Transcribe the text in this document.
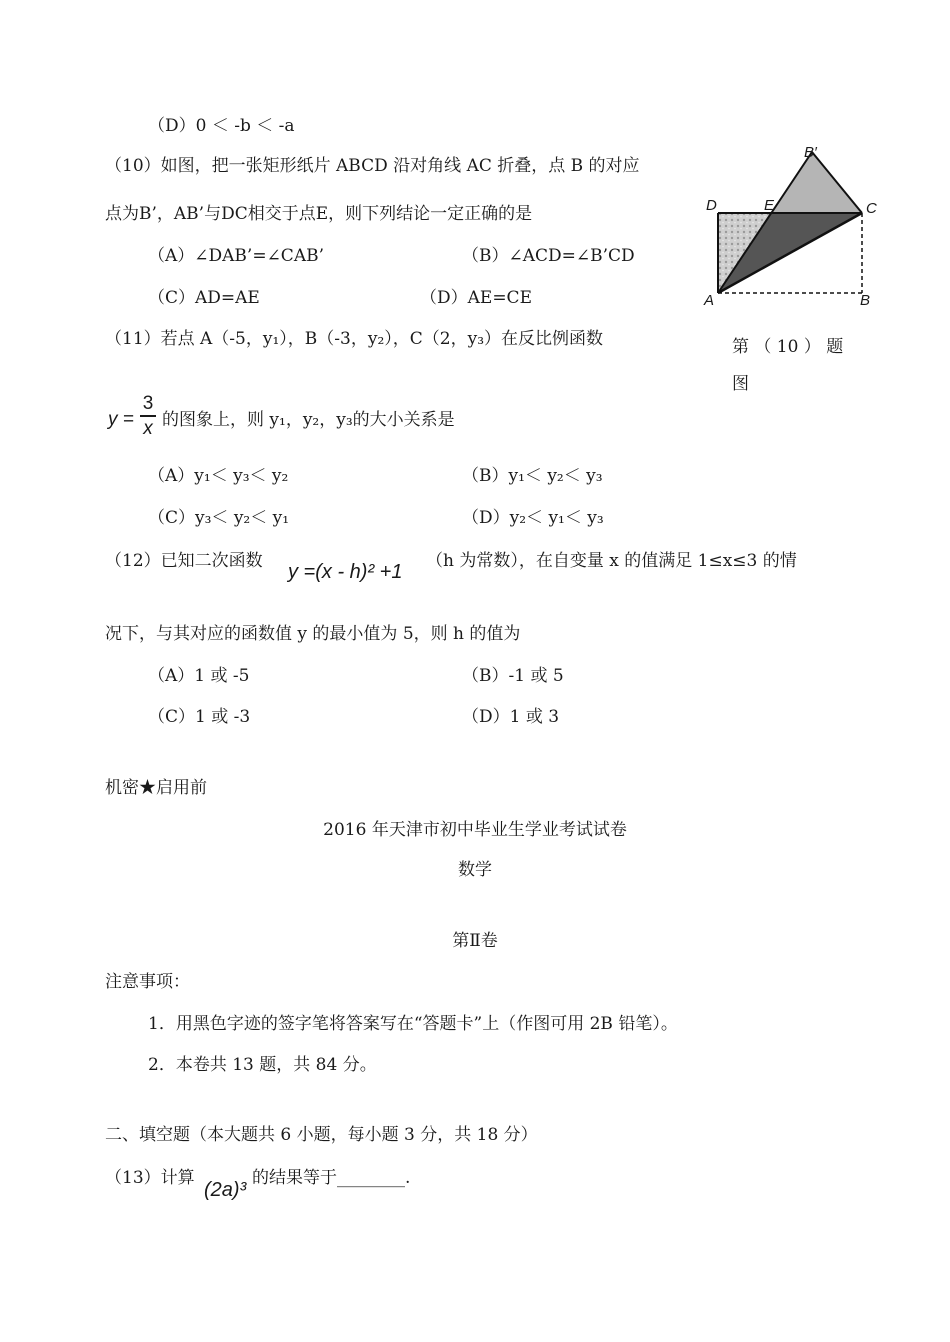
（D）0 ＜ -b ＜ -a
（10）如图，把一张矩形纸片 ABCD 沿对角线 AC 折叠，点 B 的对应
点为B’，AB’与DC相交于点E，则下列结论一定正确的是
（A）∠DAB’=∠CAB’	（B）∠ACD=∠B’CD
（C）AD=AE	（D）AE=CE
D	E	C
B′
A	B
第 （ 10 ） 题
图
（11）若点 A（-5，y₁），B（-3，y₂），C（2，y₃）在反比例函数
y =
3
x 的图象上，则 y₁，y₂，y₃的大小关系是
（A）y₁＜ y₃＜ y₂	（B）y₁＜ y₂＜ y₃
（C）y₃＜ y₂＜ y₁	（D）y₂＜ y₁＜ y₃
（12）已知二次函数 y =(x - h)² +1 （h 为常数），在自变量 x 的值满足 1≤x≤3 的情
况下，与其对应的函数值 y 的最小值为 5，则 h 的值为
（A）1 或 -5	（B）-1 或 5
（C）1 或 -3	（D）1 或 3
机密★启用前
2016 年天津市初中毕业生学业考试试卷
数学
第Ⅱ卷
注意事项：
1．用黑色字迹的签字笔将答案写在“答题卡”上（作图可用 2B 铅笔）。
2．本卷共 13 题，共 84 分。
二、填空题（本大题共 6 小题，每小题 3 分，共 18 分）
（13）计算
(2a)³
的结果等于________.
